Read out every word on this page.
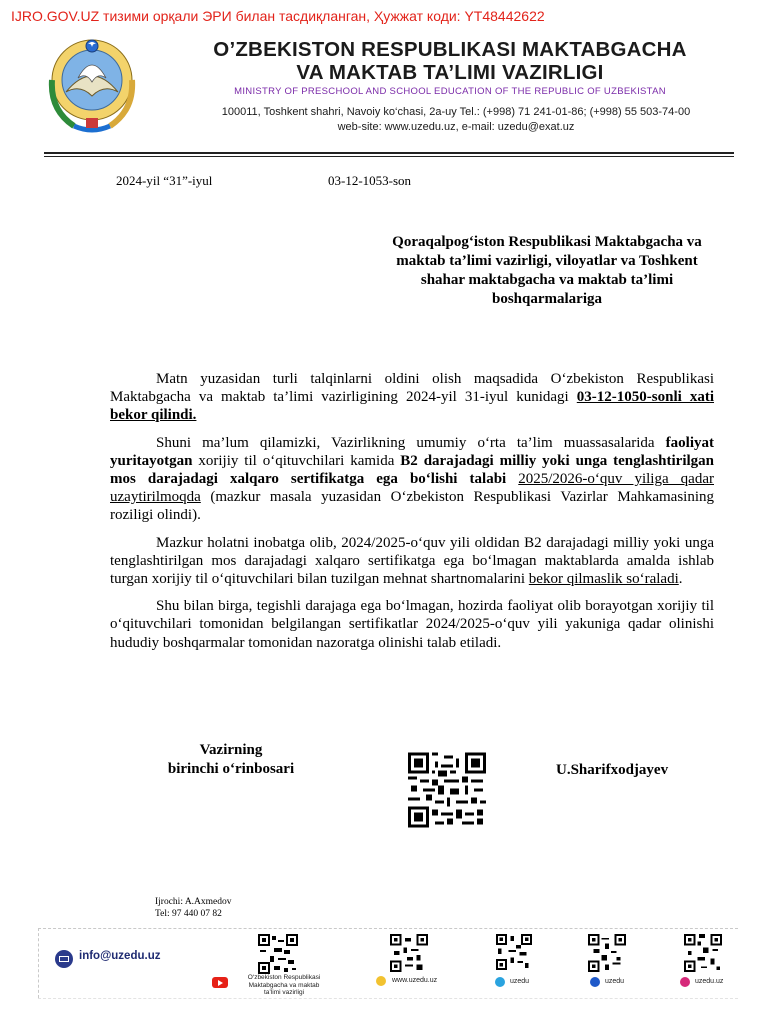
IJRO.GOV.UZ тизими орқали ЭРИ билан тасдиқланган, Ҳужжат коди: YT48442622
O’ZBEKISTON RESPUBLIKASI MAKTABGACHA
VA MAKTAB TA’LIMI VAZIRLIGI
MINISTRY OF PRESCHOOL AND SCHOOL EDUCATION OF THE REPUBLIC OF UZBEKISTAN
100011, Toshkent shahri, Navoiy ko‘chasi, 2a-uy Tel.: (+998) 71 241-01-86; (+998) 55 503-74-00
web-site: www.uzedu.uz, e-mail: uzedu@exat.uz
2024-yil “31”-iyul	03-12-1053-son
Qoraqalpog‘iston Respublikasi Maktabgacha va maktab ta’limi vazirligi, viloyatlar va Toshkent shahar maktabgacha va maktab ta’limi boshqarmalariga

Matn yuzasidan turli talqinlarni oldini olish maqsadida O‘zbekiston Respublikasi Maktabgacha va maktab ta’limi vazirligining 2024-yil 31-iyul kunidagi 03-12-1050-sonli xati bekor qilindi.

Shuni ma’lum qilamizki, Vazirlikning umumiy o‘rta ta’lim muassasalarida faoliyat yuritayotgan xorijiy til o‘qituvchilari kamida B2 darajadagi milliy yoki unga tenglashtirilgan mos darajadagi xalqaro sertifikatga ega bo‘lishi talabi 2025/2026-o‘quv yiliga qadar uzaytirilmoqda (mazkur masala yuzasidan O‘zbekiston Respublikasi Vazirlar Mahkamasining roziligi olindi).

Mazkur holatni inobatga olib, 2024/2025-o‘quv yili oldidan B2 darajadagi milliy yoki unga tenglashtirilgan mos darajadagi xalqaro sertifikatga ega bo‘lmagan maktablarda amalda ishlab turgan xorijiy til o‘qituvchilari bilan tuzilgan mehnat shartnomalarini bekor qilmaslik so‘raladi.

Shu bilan birga, tegishli darajaga ega bo‘lmagan, hozirda faoliyat olib borayotgan xorijiy til o‘qituvchilari tomonidan belgilangan sertifikatlar 2024/2025-o‘quv yili yakuniga qadar olinishi hududiy boshqarmalar tomonidan nazoratga olinishi talab etiladi.

Vazirning
birinchi o‘rinbosari	U.Sharifxodjayev
Ijrochi: A.Axmedov
Tel: 97 440 07 82
info@uzedu.uz
O‘zbekiston Respublikasi
Maktabgacha va maktab
ta’limi vazirligi
www.uzedu.uz	uzedu	uzedu	uzedu.uz
